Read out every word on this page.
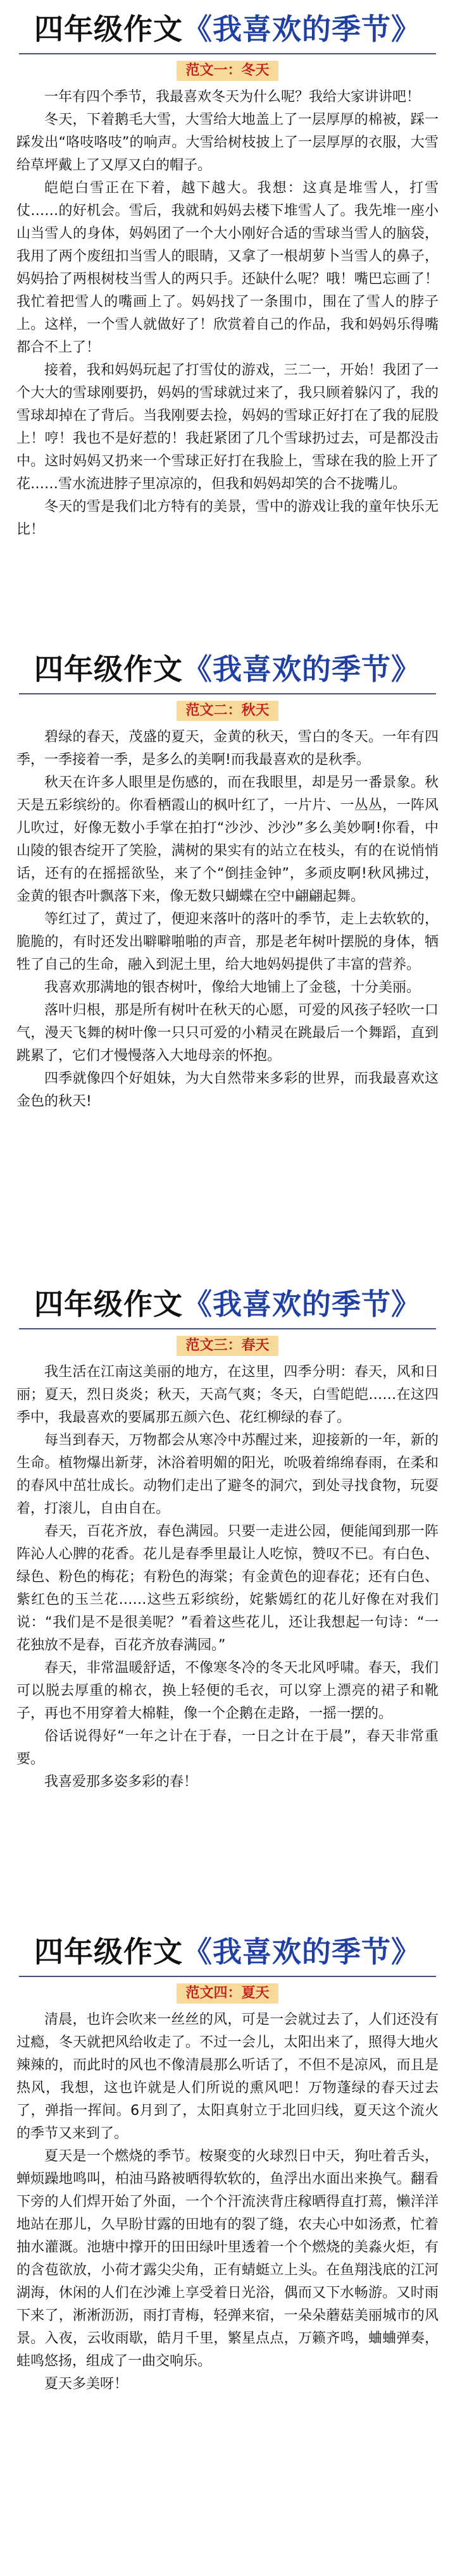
四年级作文《我喜欢的季节》
范文一：冬天

一年有四个季节，我最喜欢冬天为什么呢？我给大家讲讲吧！

冬天，下着鹅毛大雪，大雪给大地盖上了一层厚厚的棉被，踩一踩发出“咯吱咯吱”的响声。大雪给树枝披上了一层厚厚的衣服，大雪给草坪戴上了又厚又白的帽子。

皑皑白雪正在下着，越下越大。我想：这真是堆雪人，打雪仗……的好机会。雪后，我就和妈妈去楼下堆雪人了。我先堆一座小山当雪人的身体，妈妈团了一个大小刚好合适的雪球当雪人的脑袋，我用了两个废纽扣当雪人的眼睛，又拿了一根胡萝卜当雪人的鼻子，妈妈拾了两根树枝当雪人的两只手。还缺什么呢？哦！嘴巴忘画了！我忙着把雪人的嘴画上了。妈妈找了一条围巾，围在了雪人的脖子上。这样，一个雪人就做好了！欣赏着自己的作品，我和妈妈乐得嘴都合不上了！

接着，我和妈妈玩起了打雪仗的游戏，三二一，开始！我团了一个大大的雪球刚要扔，妈妈的雪球就过来了，我只顾着躲闪了，我的雪球却掉在了背后。当我刚要去捡，妈妈的雪球正好打在了我的屁股上！哼！我也不是好惹的！我赶紧团了几个雪球扔过去，可是都没击中。这时妈妈又扔来一个雪球正好打在我脸上，雪球在我的脸上开了花……雪水流进脖子里凉凉的，但我和妈妈却笑的合不拢嘴儿。

冬天的雪是我们北方特有的美景，雪中的游戏让我的童年快乐无比！

四年级作文《我喜欢的季节》
范文二：秋天

碧绿的春天，茂盛的夏天，金黄的秋天，雪白的冬天。一年有四季，一季接着一季，是多么的美啊!而我最喜欢的是秋季。

秋天在许多人眼里是伤感的，而在我眼里，却是另一番景象。秋天是五彩缤纷的。你看栖霞山的枫叶红了，一片片、一丛丛，一阵风儿吹过，好像无数小手掌在拍打“沙沙、沙沙”多么美妙啊!你看，中山陵的银杏绽开了笑脸，满树的果实有的站立在枝头，有的在说悄悄话，还有的在摇摇欲坠，来了个“倒挂金钟”，多顽皮啊!秋风拂过，金黄的银杏叶飘落下来，像无数只蝴蝶在空中翩翩起舞。

等红过了，黄过了，便迎来落叶的落叶的季节，走上去软软的，脆脆的，有时还发出噼噼啪啪的声音，那是老年树叶摆脱的身体，牺牲了自己的生命，融入到泥土里，给大地妈妈提供了丰富的营养。

我喜欢那满地的银杏树叶，像给大地铺上了金毯，十分美丽。

落叶归根，那是所有树叶在秋天的心愿，可爱的风孩子轻吹一口气，漫天飞舞的树叶像一只只可爱的小精灵在跳最后一个舞蹈，直到跳累了，它们才慢慢落入大地母亲的怀抱。

四季就像四个好姐妹，为大自然带来多彩的世界，而我最喜欢这金色的秋天!

四年级作文《我喜欢的季节》
范文三：春天

我生活在江南这美丽的地方，在这里，四季分明：春天，风和日丽；夏天，烈日炎炎；秋天，天高气爽；冬天，白雪皑皑……在这四季中，我最喜欢的要属那五颜六色、花红柳绿的春了。

每当到春天，万物都会从寒冷中苏醒过来，迎接新的一年，新的生命。植物爆出新芽，沐浴着明媚的阳光，吮吸着绵绵春雨，在柔和的春风中茁壮成长。动物们走出了避冬的洞穴，到处寻找食物，玩耍着，打滚儿，自由自在。

春天，百花齐放，春色满园。只要一走进公园，便能闻到那一阵阵沁人心脾的花香。花儿是春季里最让人吃惊，赞叹不已。有白色、绿色、粉色的梅花；有粉色的海棠；有金黄色的迎春花；还有白色、紫红色的玉兰花……这些五彩缤纷，姹紫嫣红的花儿好像在对我们说：“我们是不是很美呢？”看着这些花儿，还让我想起一句诗：“一花独放不是春，百花齐放春满园。”

春天，非常温暖舒适，不像寒冬冷的冬天北风呼啸。春天，我们可以脱去厚重的棉衣，换上轻便的毛衣，可以穿上漂亮的裙子和靴子，再也不用穿着大棉鞋，像一个企鹅在走路，一摇一摆的。

俗话说得好“一年之计在于春，一日之计在于晨”，春天非常重要。

我喜爱那多姿多彩的春！

四年级作文《我喜欢的季节》
范文四：夏天

清晨，也许会吹来一丝丝的风，可是一会就过去了，人们还没有过瘾，冬天就把风给收走了。不过一会儿，太阳出来了，照得大地火辣辣的，而此时的风也不像清晨那么听话了，不但不是凉风，而且是热风，我想，这也许就是人们所说的熏风吧！万物蓬绿的春天过去了，弹指一挥间。6月到了，太阳真射立于北回归线，夏天这个流火的季节又来到了。

夏天是一个燃烧的季节。桉聚变的火球烈日中天，狗吐着舌头，蝉烦躁地鸣叫，柏油马路被晒得软软的，鱼浮出水面出来换气。翻看下旁的人们焊开始了外面，一个个汗流浃背庄稼晒得直打蔫，懒洋洋地站在那儿，久早盼甘露的田地有的裂了缝，农夫心中如汤煮，忙着抽水灌溉。池塘中撑开的田田绿叶里透着一个个燃烧的美淼火炬，有的含苞欲放，小荷才露尖尖角，正有蜻蜓立上头。在鱼翔浅底的江河湖海，休闲的人们在沙滩上享受着日光浴，偶而又下水畅游。又时雨下来了，淅淅沥沥，雨打青梅，轻弹来宿，一朵朵蘑菇美丽城市的风景。入夜，云收雨歇，皓月千里，繁星点点，万籁齐鸣，蛐蛐弹奏，蛙鸣悠扬，组成了一曲交响乐。

夏天多美呀！
